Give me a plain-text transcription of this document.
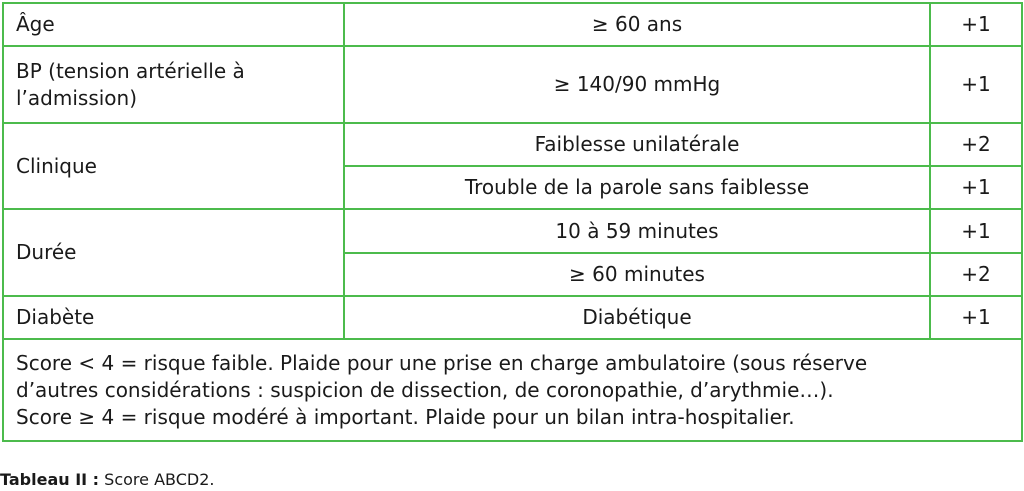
Âge	≥ 60 ans	+1
BP (tension artérielle à l’admission)	≥ 140/90 mmHg	+1
Clinique	Faiblesse unilatérale	+2
	Trouble de la parole sans faiblesse	+1
Durée	10 à 59 minutes	+1
	≥ 60 minutes	+2
Diabète	Diabétique	+1

Score < 4 = risque faible. Plaide pour une prise en charge ambulatoire (sous réserve
d’autres considérations : suspicion de dissection, de coronopathie, d’arythmie…).
Score ≥ 4 = risque modéré à important. Plaide pour un bilan intra-hospitalier.		
Tableau II : Score ABCD2.
